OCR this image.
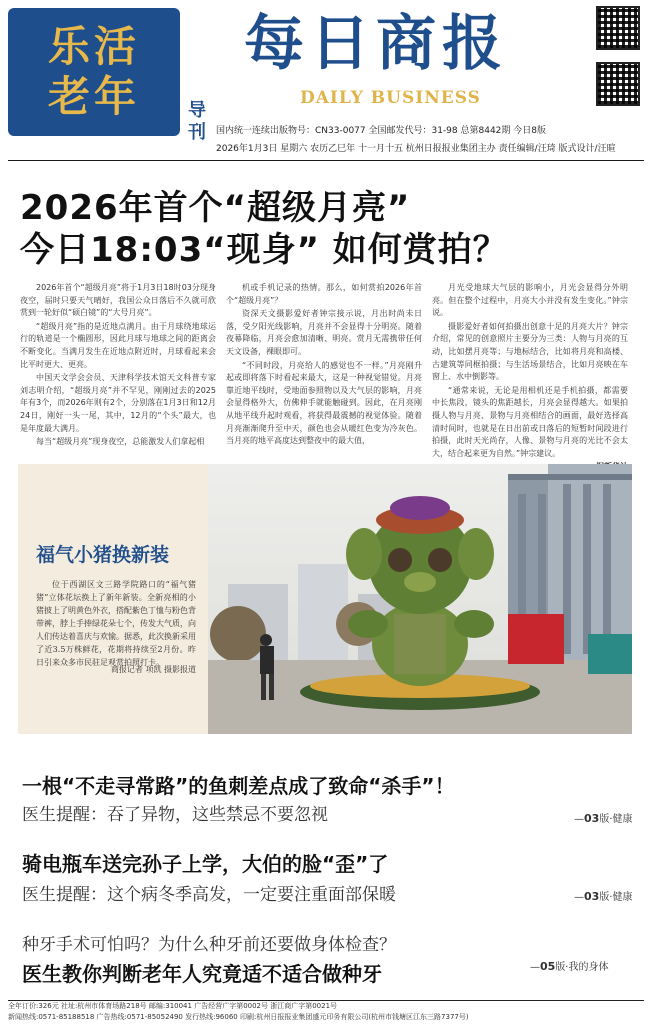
乐活
老年	导刊
每日商报
DAILY BUSINESS
国内统一连续出版物号：CN33-0077 全国邮发代号：31-98 总第8442期 今日8版
2026年1月3日 星期六 农历乙巳年 十一月十五 杭州日报报业集团主办 责任编辑/汪琦 版式设计/汪暄
2026年首个“超级月亮”
今日18:03“现身” 如何赏拍？

2026年首个“超级月亮”将于1月3日18时03分现身夜空，届时只要天气晴好，我国公众日落后不久就可欣赏到一轮好似“硕白镜”的“大号月亮”。

“超级月亮”指的是近地点满月。由于月球绕地球运行的轨道是一个椭圆形，因此月球与地球之间的距离会不断变化。当满月发生在近地点附近时，月球看起来会比平时更大、更亮。

中国天文学会会员、天津科学技术馆天文科普专家刘志明介绍，“超级月亮”并不罕见，刚刚过去的2025年有3个，而2026年则有2个，分别落在1月3日和12月24日，刚好一头一尾，其中，12月的“个头”最大，也是年度最大满月。

每当“超级月亮”现身夜空，总能激发人们拿起相

机或手机记录的热情。那么，如何赏拍2026年首个“超级月亮”？

资深天文摄影爱好者钟宗接示说，月出时尚未日落，受夕阳光线影响，月亮并不会显得十分明亮。随着夜幕降临，月亮会愈加清晰、明亮。赏月无需携带任何天文设备，裸眼即可。

“不同时段，月亮给人的感觉也不一样。”月亮刚升起或即将落下时看起来最大，这是一种视觉错觉。月亮靠近地平线时，受地面参照物以及大气层的影响，月亮会显得格外大，仿佛伸手就能触碰到。因此，在月亮刚从地平线升起时观看，将获得最震撼的视觉体验。随着月亮渐渐爬升至中天，颜色也会从暖红色变为冷灰色。当月亮的地平高度达到整夜中的最大值，

月光受地球大气层的影响小，月光会显得分外明亮。但在整个过程中，月亮大小并没有发生变化。”钟宗说。

摄影爱好者如何拍摄出创意十足的月亮大片？钟宗介绍，常见的创意照片主要分为三类：人物与月亮的互动，比如摆月亮等；与地标结合，比如将月亮和高楼、古建筑等同框拍摄；与生活场景结合，比如月亮映在车窗上、水中倒影等。

“通常来说，无论是用相机还是手机拍摄，都需要中长焦段，镜头的焦距越长，月亮会显得越大。如果拍摄人物与月亮、景物与月亮相结合的画面，最好选择高清时间时，也就是在日出前或日落后的短暂时间段进行拍摄，此时天光尚存，人像、景物与月亮的光比不会太大，结合起来更为自然。”钟宗建议。

福气小猪换新装
位于西湖区文三路学院路口的“福气猪猪”立体花坛换上了新年新装。全新亮相的小猪披上了明黄色外衣，搭配紫色丁恤与粉色背带裤，脖上手捧绿花朵七个，传发大气质，向人们传达着喜庆与欢愉。据悉，此次换新采用了近3.5万株鲜花，花期将持续至2月份。昨日引来众多市民驻足观赏拍照打卡。
商报记者 项凯 摄影报道
一根“不走寻常路”的鱼刺差点成了致命“杀手”！
医生提醒：吞了异物，这些禁忌不要忽视	—03版·健康
骑电瓶车送完孙子上学，大伯的脸“歪”了
医生提醒：这个病冬季高发，一定要注重面部保暖	—03版·健康
种牙手术可怕吗？为什么种牙前还要做身体检查？
医生教你判断老年人究竟适不适合做种牙	—05版·我的身体
全年订价:326元 社址:杭州市体育场路218号 邮编:310041 广告经营广字第0002号 浙江商广字第0021号
新闻热线:0571-85188518 广告热线:0571-85052490 发行热线:96060 印刷:杭州日报报业集团盛元印务有限公司(杭州市钱塘区江东三路7377号)
